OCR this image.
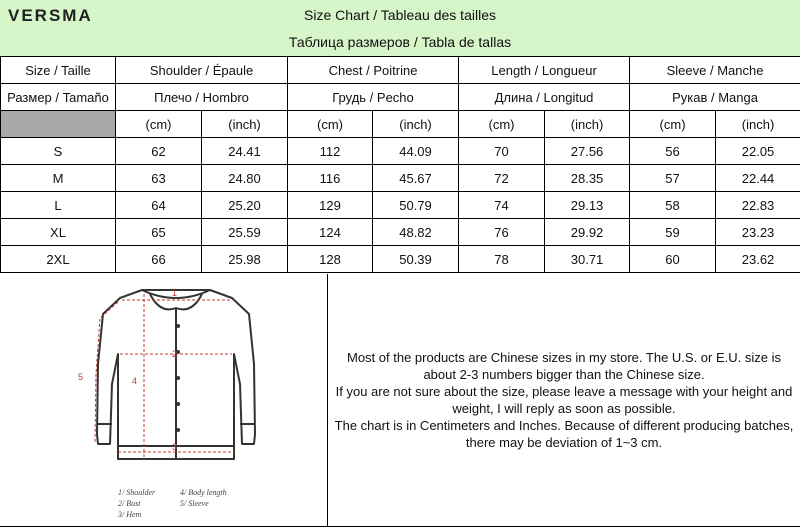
VERSMA	Size Chart / Tableau des tailles
Таблица размеров / Tabla de tallas
Size / Taille	Shoulder / Épaule		Chest / Poitrine		Length / Longueur		Sleeve / Manche	
Размер / Tamaño	Плечо / Hombro		Грудь / Pecho		Длина / Longitud		Рукав / Manga	
	(cm)	(inch)	(cm)	(inch)	(cm)	(inch)	(cm)	(inch)
S	62	24.41	112	44.09	70	27.56	56	22.05
M	63	24.80	116	45.67	72	28.35	57	22.44
L	64	25.20	129	50.79	74	29.13	58	22.83
XL	65	25.59	124	48.82	76	29.92	59	23.23
2XL	66	25.98	128	50.39	78	30.71	60	23.62
1
2
3
4
5
1/ Shoulder	4/ Body length
2/ Bust	5/ Sleeve
3/ Hem
Most of the products are Chinese sizes in my store. The U.S. or E.U. size is
about 2-3 numbers bigger than the Chinese size.
If you are not sure about the size, please leave a message with your height and
weight, I will reply as soon as possible.
The chart is in Centimeters and Inches. Because of different producing batches,
there may be deviation of 1~3 cm.
